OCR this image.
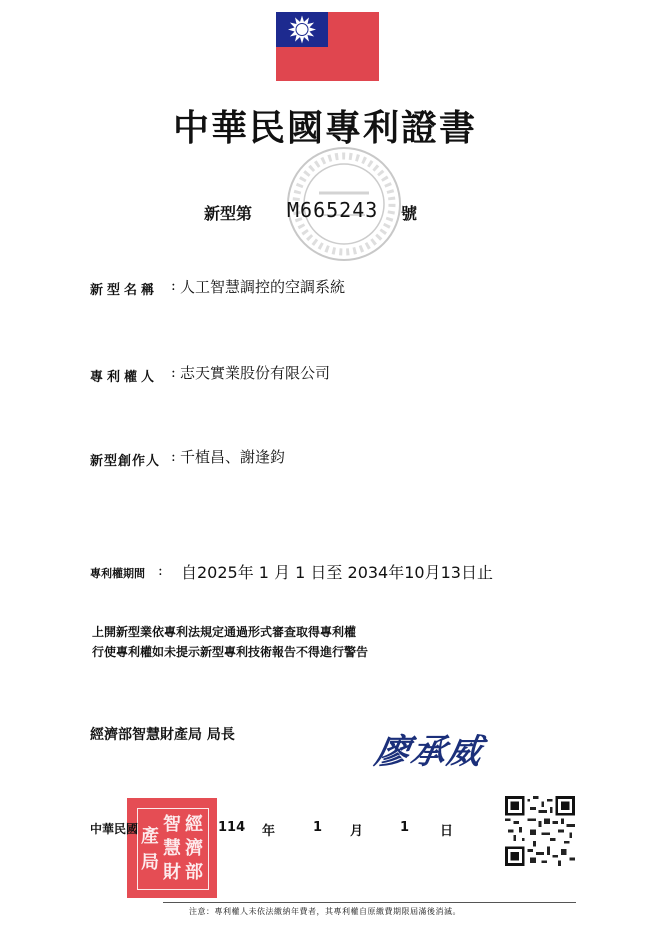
中華民國專利證書
新型第 M665243 號
新型名稱 : 人工智慧調控的空調系統
專利權人 : 志天實業股份有限公司
新型創作人 : 千植昌、謝逢鈞
專利權期間 : 自2025年 1 月 1 日至 2034年10月13日止
上開新型業依專利法規定通過形式審查取得專利權
行使專利權如未提示新型專利技術報告不得進行警告
經濟部智慧財產局 局長	廖承威
經
濟
部
智
慧
財
產
局
中華民國	114 年	1 月	1 日
注意：專利權人未依法繳納年費者，其專利權自原繳費期限屆滿後消滅。
